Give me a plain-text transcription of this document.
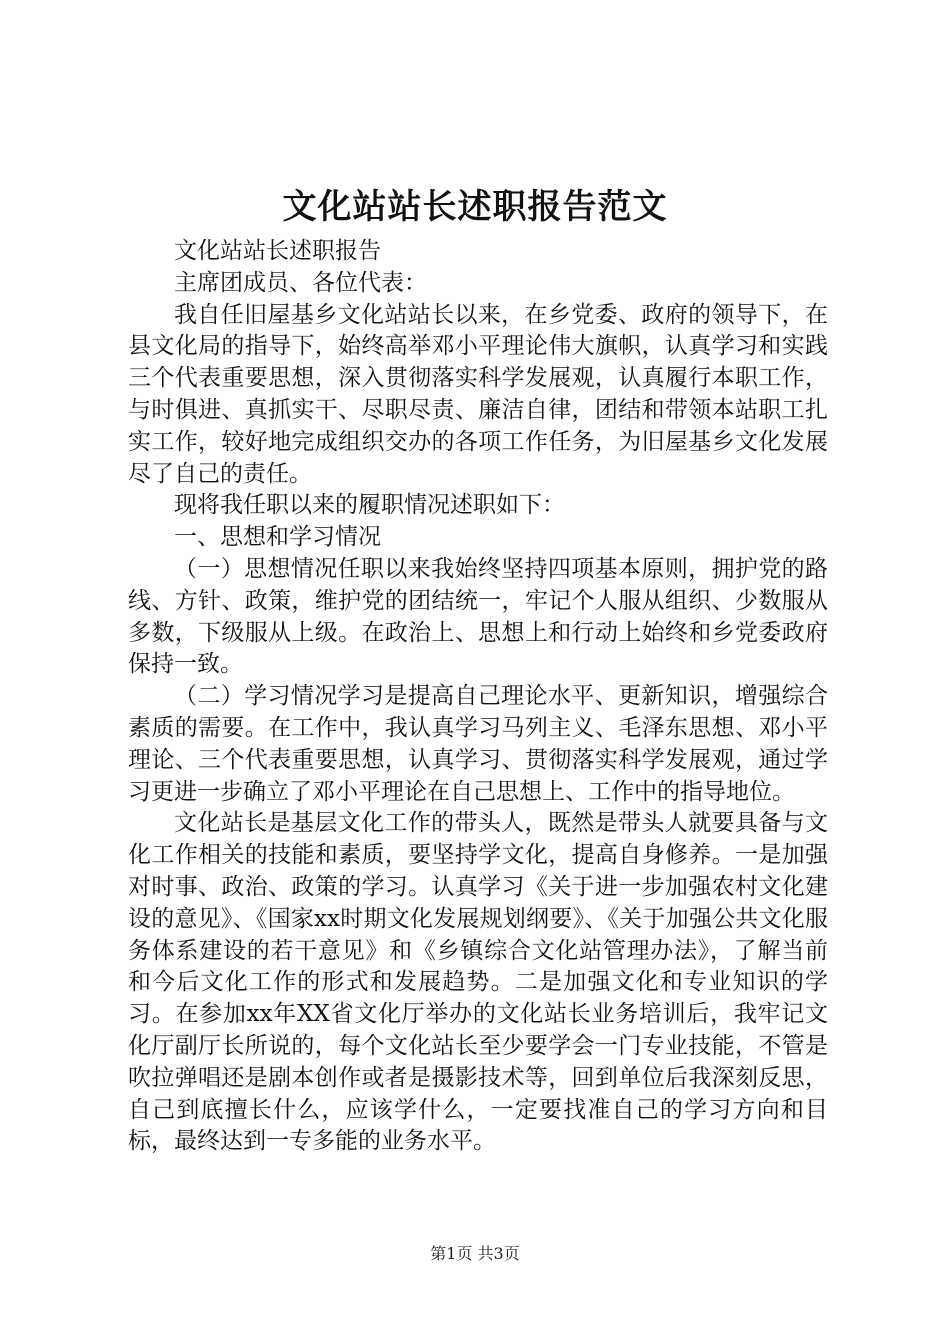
文化站站长述职报告范文

文化站站长述职报告

主席团成员、各位代表：

我自任旧屋基乡文化站站长以来，在乡党委、政府的领导下，在县文化局的指导下，始终高举邓小平理论伟大旗帜，认真学习和实践三个代表重要思想，深入贯彻落实科学发展观，认真履行本职工作，与时俱进、真抓实干、尽职尽责、廉洁自律，团结和带领本站职工扎实工作，较好地完成组织交办的各项工作任务，为旧屋基乡文化发展尽了自己的责任。

现将我任职以来的履职情况述职如下：

一、思想和学习情况

（一）思想情况任职以来我始终坚持四项基本原则，拥护党的路线、方针、政策，维护党的团结统一，牢记个人服从组织、少数服从多数，下级服从上级。在政治上、思想上和行动上始终和乡党委政府保持一致。

（二）学习情况学习是提高自己理论水平、更新知识，增强综合素质的需要。在工作中，我认真学习马列主义、毛泽东思想、邓小平理论、三个代表重要思想，认真学习、贯彻落实科学发展观，通过学习更进一步确立了邓小平理论在自己思想上、工作中的指导地位。

文化站长是基层文化工作的带头人，既然是带头人就要具备与文化工作相关的技能和素质，要坚持学文化，提高自身修养。一是加强对时事、政治、政策的学习。认真学习《关于进一步加强农村文化建设的意见》、《国家xx时期文化发展规划纲要》、《关于加强公共文化服务体系建设的若干意见》和《乡镇综合文化站管理办法》，了解当前和今后文化工作的形式和发展趋势。二是加强文化和专业知识的学习。在参加xx年XX省文化厅举办的文化站长业务培训后，我牢记文化厅副厅长所说的，每个文化站长至少要学会一门专业技能，不管是吹拉弹唱还是剧本创作或者是摄影技术等，回到单位后我深刻反思，自己到底擅长什么，应该学什么，一定要找准自己的学习方向和目标，最终达到一专多能的业务水平。

第1页 共3页
